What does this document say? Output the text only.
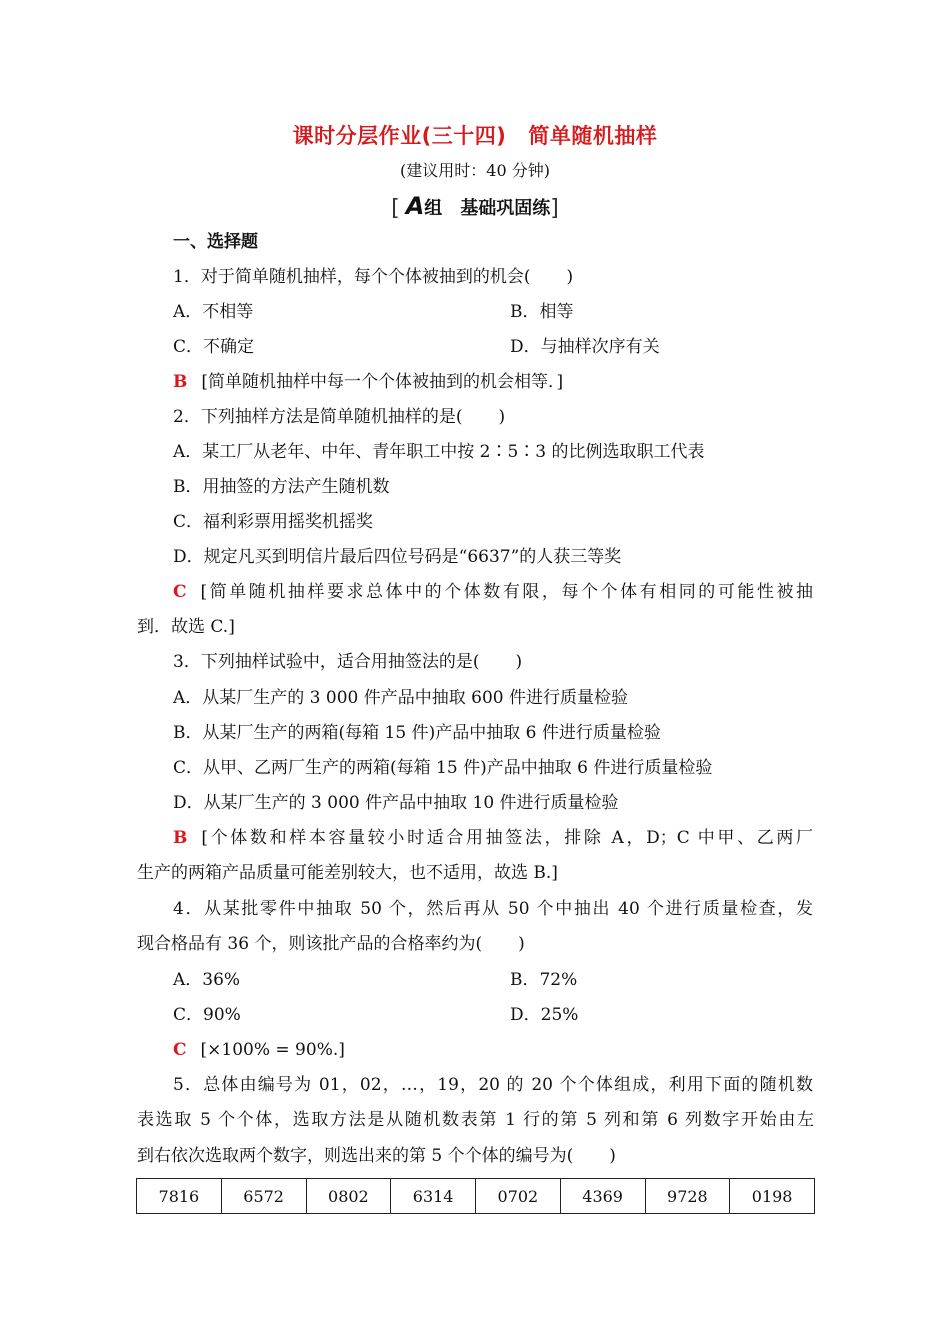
课时分层作业(三十四) 简单随机抽样
(建议用时：40 分钟)
[ A组 基础巩固练]
一、选择题
1．对于简单随机抽样，每个个体被抽到的机会( )
A．不相等	B．相等
C．不确定	D．与抽样次序有关
B [简单随机抽样中每一个个体被抽到的机会相等．]
2．下列抽样方法是简单随机抽样的是( )
A．某工厂从老年、中年、青年职工中按 2∶5∶3 的比例选取职工代表
B．用抽签的方法产生随机数
C．福利彩票用摇奖机摇奖
D．规定凡买到明信片最后四位号码是“6637”的人获三等奖
C [简单随机抽样要求总体中的个体数有限，每个个体有相同的可能性被抽
到．故选 C.]
3．下列抽样试验中，适合用抽签法的是( )
A．从某厂生产的 3 000 件产品中抽取 600 件进行质量检验
B．从某厂生产的两箱(每箱 15 件)产品中抽取 6 件进行质量检验
C．从甲、乙两厂生产的两箱(每箱 15 件)产品中抽取 6 件进行质量检验
D．从某厂生产的 3 000 件产品中抽取 10 件进行质量检验
B [个体数和样本容量较小时适合用抽签法，排除 A，D；C 中甲、乙两厂
生产的两箱产品质量可能差别较大，也不适用，故选 B.]
4．从某批零件中抽取 50 个，然后再从 50 个中抽出 40 个进行质量检查，发
现合格品有 36 个，则该批产品的合格率约为( )
A．36%	B．72%
C．90%	D．25%
C [×100% = 90%.]
5．总体由编号为 01，02，…，19，20 的 20 个个体组成，利用下面的随机数
表选取 5 个个体，选取方法是从随机数表第 1 行的第 5 列和第 6 列数字开始由左
到右依次选取两个数字，则选出来的第 5 个个体的编号为( )
7816	6572	0802	6314	0702	4369	9728	0198
